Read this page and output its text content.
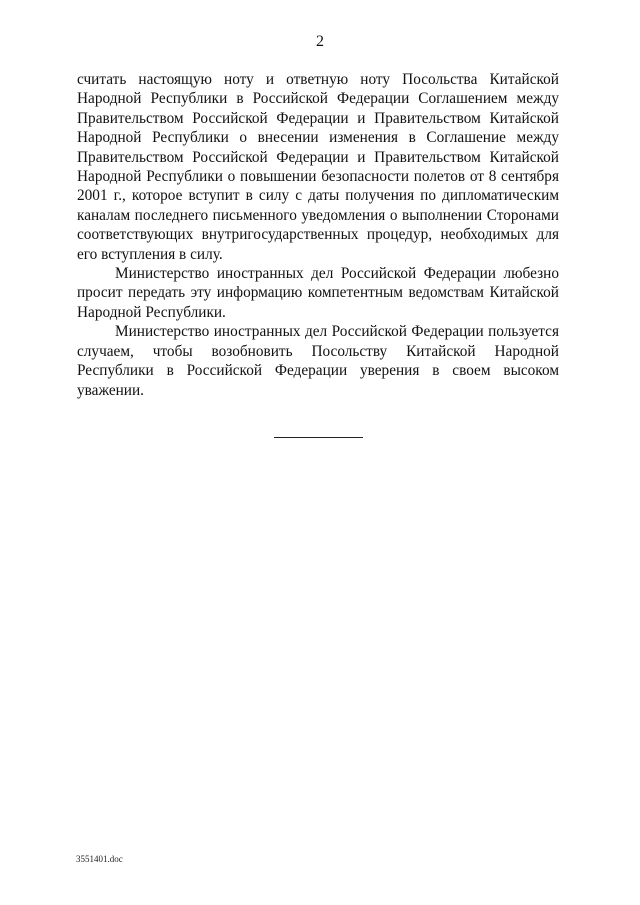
2

считать настоящую ноту и ответную ноту Посольства Китайской Народной Республики в Российской Федерации Соглашением между Правительством Российской Федерации и Правительством Китайской Народной Республики о внесении изменения в Соглашение между Правительством Российской Федерации и Правительством Китайской Народной Республики о повышении безопасности полетов от 8 сентября 2001 г., которое вступит в силу с даты получения по дипломатическим каналам последнего письменного уведомления о выполнении Сторонами соответствующих внутригосударственных процедур, необходимых для его вступления в силу.

Министерство иностранных дел Российской Федерации любезно просит передать эту информацию компетентным ведомствам Китайской Народной Республики.

Министерство иностранных дел Российской Федерации пользуется случаем, чтобы возобновить Посольству Китайской Народной Республики в Российской Федерации уверения в своем высоком уважении.

3551401.doc
